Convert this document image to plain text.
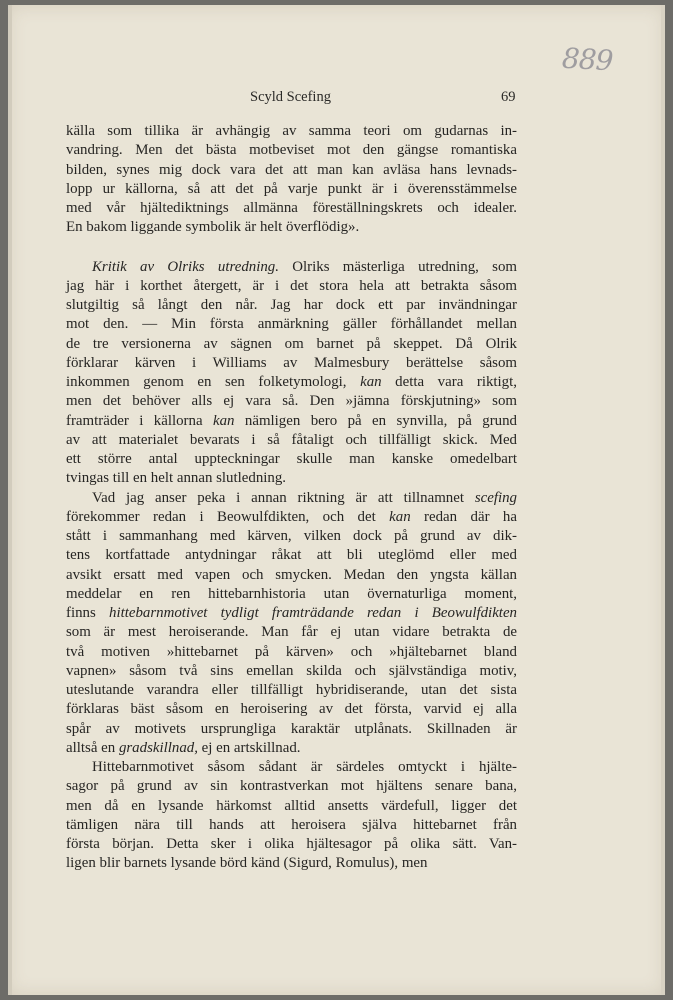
Scyld Scefing	69
889
källa som tillika är avhängig av samma teori om gudarnas in-
vandring. Men det bästa motbeviset mot den gängse romantiska
bilden, synes mig dock vara det att man kan avläsa hans levnads-
lopp ur källorna, så att det på varje punkt är i överensstämmelse
med vår hjältediktnings allmänna föreställningskrets och idealer.
En bakom liggande symbolik är helt överflödig».
Kritik av Olriks utredning. Olriks mästerliga utredning, som
jag här i korthet återgett, är i det stora hela att betrakta såsom
slutgiltig så långt den når. Jag har dock ett par invändningar
mot den. — Min första anmärkning gäller förhållandet mellan
de tre versionerna av sägnen om barnet på skeppet. Då Olrik
förklarar kärven i Williams av Malmesbury berättelse såsom
inkommen genom en sen folketymologi, kan detta vara riktigt,
men det behöver alls ej vara så. Den »jämna förskjutning» som
framträder i källorna kan nämligen bero på en synvilla, på grund
av att materialet bevarats i så fåtaligt och tillfälligt skick. Med
ett större antal uppteckningar skulle man kanske omedelbart
tvingas till en helt annan slutledning.
Vad jag anser peka i annan riktning är att tillnamnet scefing
förekommer redan i Beowulfdikten, och det kan redan där ha
stått i sammanhang med kärven, vilken dock på grund av dik-
tens kortfattade antydningar råkat att bli uteglömd eller med
avsikt ersatt med vapen och smycken. Medan den yngsta källan
meddelar en ren hittebarnhistoria utan övernaturliga moment,
finns hittebarnmotivet tydligt framträdande redan i Beowulfdikten
som är mest heroiserande. Man får ej utan vidare betrakta de
två motiven »hittebarnet på kärven» och »hjältebarnet bland
vapnen» såsom två sins emellan skilda och självständiga motiv,
uteslutande varandra eller tillfälligt hybridiserande, utan det sista
förklaras bäst såsom en heroisering av det första, varvid ej alla
spår av motivets ursprungliga karaktär utplånats. Skillnaden är
alltså en gradskillnad, ej en artskillnad.
Hittebarnmotivet såsom sådant är särdeles omtyckt i hjälte-
sagor på grund av sin kontrastverkan mot hjältens senare bana,
men då en lysande härkomst alltid ansetts värdefull, ligger det
tämligen nära till hands att heroisera själva hittebarnet från
första början. Detta sker i olika hjältesagor på olika sätt. Van-
ligen blir barnets lysande börd känd (Sigurd, Romulus), men
